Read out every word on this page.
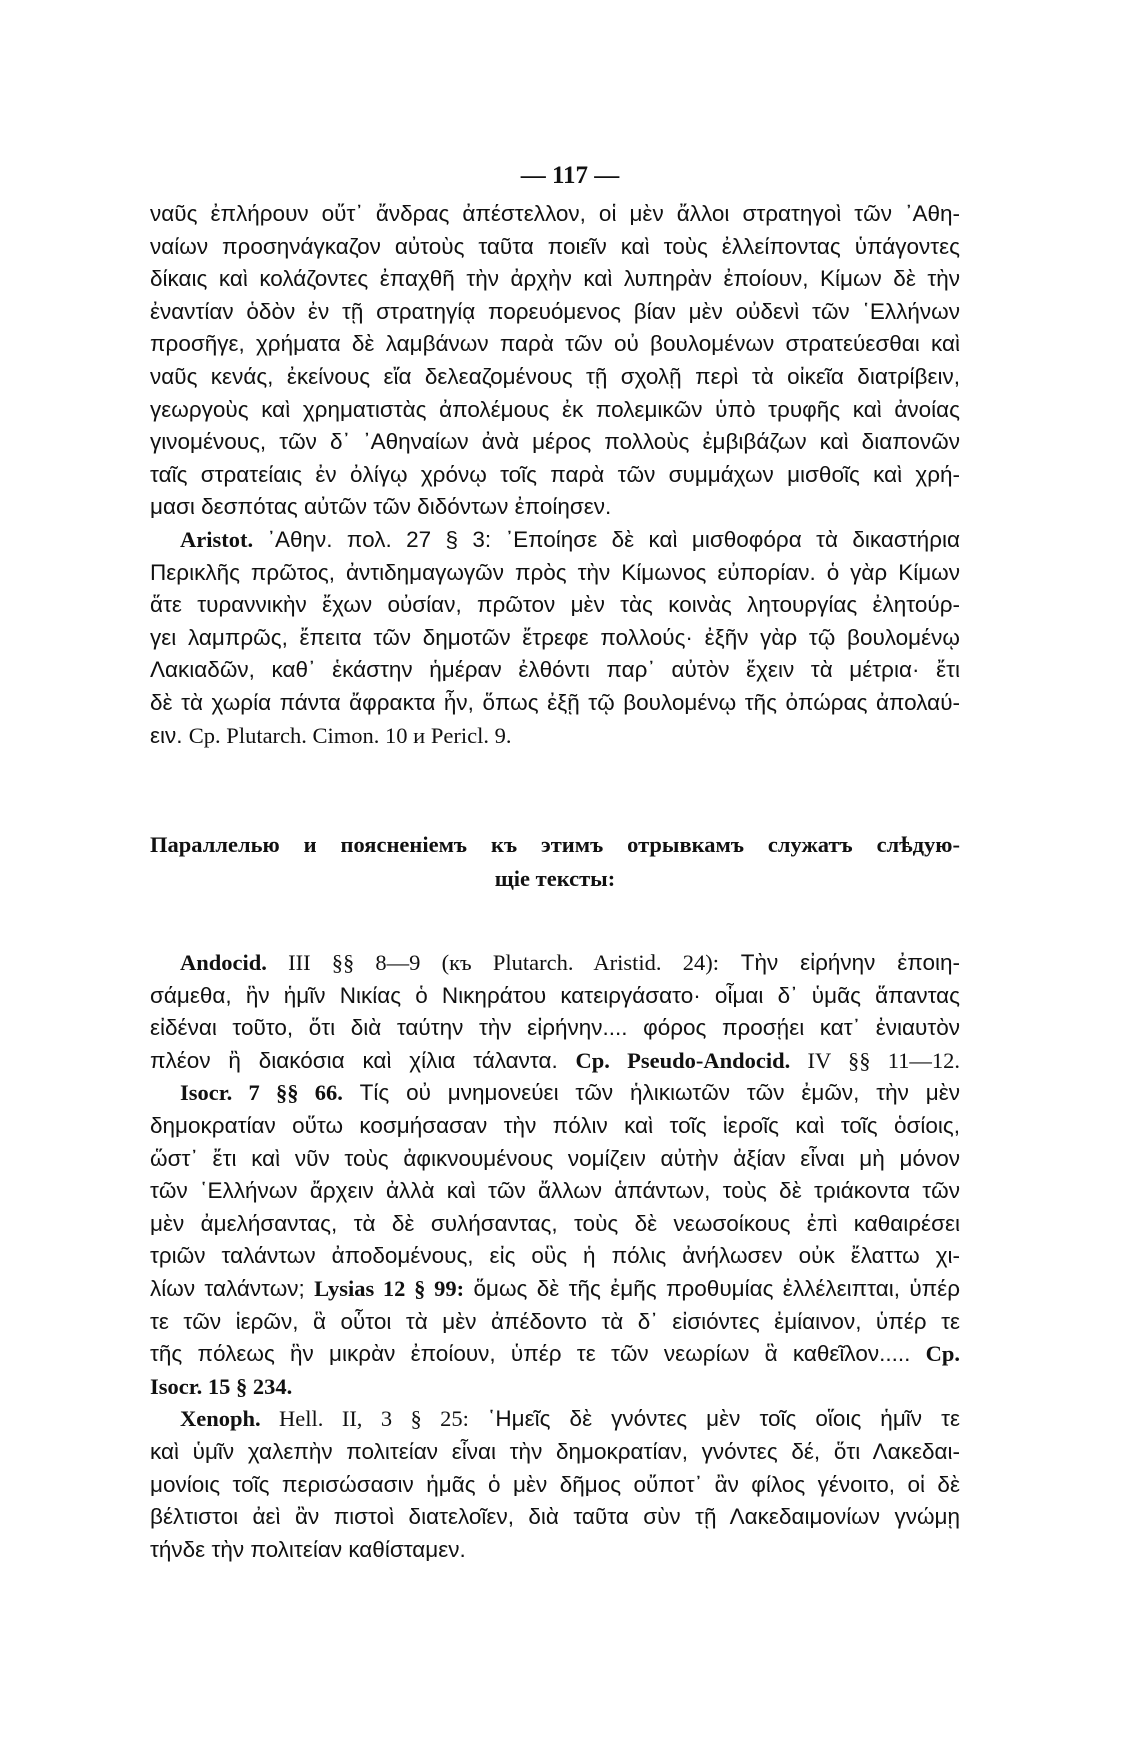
— 117 —
ναῦς ἐπλήρουν οὔτ᾽ ἄνδρας ἀπέστελλον, οἱ μὲν ἄλλοι στρατηγοὶ τῶν ᾽Αθη-
ναίων προσηνάγκαζον αὐτοὺς ταῦτα ποιεῖν καὶ τοὺς ἐλλείποντας ὑπάγοντες
δίκαις καὶ κολάζοντες ἐπαχθῆ τὴν ἀρχὴν καὶ λυπηρὰν ἐποίουν, Κίμων δὲ τὴν
ἐναντίαν ὁδὸν ἐν τῇ στρατηγίᾳ πορευόμενος βίαν μὲν οὐδενὶ τῶν ῾Ελλήνων
προσῆγε, χρήματα δὲ λαμβάνων παρὰ τῶν οὐ βουλομένων στρατεύεσθαι καὶ
ναῦς κενάς, ἐκείνους εἴα δελεαζομένους τῇ σχολῇ περὶ τὰ οἰκεῖα διατρίβειν,
γεωργοὺς καὶ χρηματιστὰς ἀπολέμους ἐκ πολεμικῶν ὑπὸ τρυφῆς καὶ ἀνοίας
γινομένους, τῶν δ᾽ ᾽Αθηναίων ἀνὰ μέρος πολλοὺς ἐμβιβάζων καὶ διαπονῶν
ταῖς στρατείαις ἐν ὀλίγῳ χρόνῳ τοῖς παρὰ τῶν συμμάχων μισθοῖς καὶ χρή-
μασι δεσπότας αὐτῶν τῶν διδόντων ἐποίησεν.
Aristot. ᾽Αθην. πολ. 27 § 3: ᾽Εποίησε δὲ καὶ μισθοφόρα τὰ δικαστήρια
Περικλῆς πρῶτος, ἀντιδημαγωγῶν πρὸς τὴν Κίμωνος εὐπορίαν. ὁ γὰρ Κίμων
ἅτε τυραννικὴν ἔχων οὐσίαν, πρῶτον μὲν τὰς κοινὰς λητουργίας ἐλητούρ-
γει λαμπρῶς, ἔπειτα τῶν δημοτῶν ἔτρεφε πολλούς· ἐξῆν γὰρ τῷ βουλομένῳ
Λακιαδῶν, καθ᾽ ἑκάστην ἡμέραν ἐλθόντι παρ᾽ αὐτὸν ἔχειν τὰ μέτρια· ἔτι
δὲ τὰ χωρία πάντα ἄφρακτα ἦν, ὅπως ἐξῇ τῷ βουλομένῳ τῆς ὀπώρας ἀπολαύ-
ειν. Cp. Plutarch. Cimon. 10 и Pericl. 9.
Параллелью и поясненіемъ къ этимъ отрывкамъ служатъ слѣдую-
щіе тексты:
Andocid. III §§ 8—9 (къ Plutarch. Aristid. 24): Τὴν εἰρήνην ἐποιη-
σάμεθα, ἣν ἡμῖν Νικίας ὁ Νικηράτου κατειργάσατο· οἶμαι δ᾽ ὑμᾶς ἅπαντας
εἰδέναι τοῦτο, ὅτι διὰ ταύτην τὴν εἰρήνην.... φόρος προσῄει κατ᾽ ἐνιαυτὸν
πλέον ἢ διακόσια καὶ χίλια τάλαντα. Cp. Pseudo-Andocid. IV §§ 11—12.
Isocr. 7 §§ 66. Τίς οὐ μνημονεύει τῶν ἡλικιωτῶν τῶν ἐμῶν, τὴν μὲν
δημοκρατίαν οὕτω κοσμήσασαν τὴν πόλιν καὶ τοῖς ἱεροῖς καὶ τοῖς ὁσίοις,
ὥστ᾽ ἔτι καὶ νῦν τοὺς ἀφικνουμένους νομίζειν αὐτὴν ἀξίαν εἶναι μὴ μόνον
τῶν ῾Ελλήνων ἄρχειν ἀλλὰ καὶ τῶν ἄλλων ἁπάντων, τοὺς δὲ τριάκοντα τῶν
μὲν ἀμελήσαντας, τὰ δὲ συλήσαντας, τοὺς δὲ νεωσοίκους ἐπὶ καθαιρέσει
τριῶν ταλάντων ἀποδομένους, εἰς οὓς ἡ πόλις ἀνήλωσεν οὐκ ἔλαττω χι-
λίων ταλάντων; Lysias 12 § 99: ὅμως δὲ τῆς ἐμῆς προθυμίας ἐλλέλειπται, ὑπέρ
τε τῶν ἱερῶν, ἃ οὗτοι τὰ μὲν ἀπέδοντο τὰ δ᾽ εἰσιόντες ἐμίαινον, ὑπέρ τε
τῆς πόλεως ἣν μικρὰν ἐποίουν, ὑπέρ τε τῶν νεωρίων ἃ καθεῖλον..... Cp.
Isocr. 15 § 234.
Xenoph. Hell. II, 3 § 25: ῾Ημεῖς δὲ γνόντες μὲν τοῖς οἵοις ἡμῖν τε
καὶ ὑμῖν χαλεπὴν πολιτείαν εἶναι τὴν δημοκρατίαν, γνόντες δέ, ὅτι Λακεδαι-
μονίοις τοῖς περισώσασιν ἡμᾶς ὁ μὲν δῆμος οὔποτ᾽ ἂν φίλος γένοιτο, οἱ δὲ
βέλτιστοι ἀεὶ ἂν πιστοὶ διατελοῖεν, διὰ ταῦτα σὺν τῇ Λακεδαιμονίων γνώμῃ
τήνδε τὴν πολιτείαν καθίσταμεν.
